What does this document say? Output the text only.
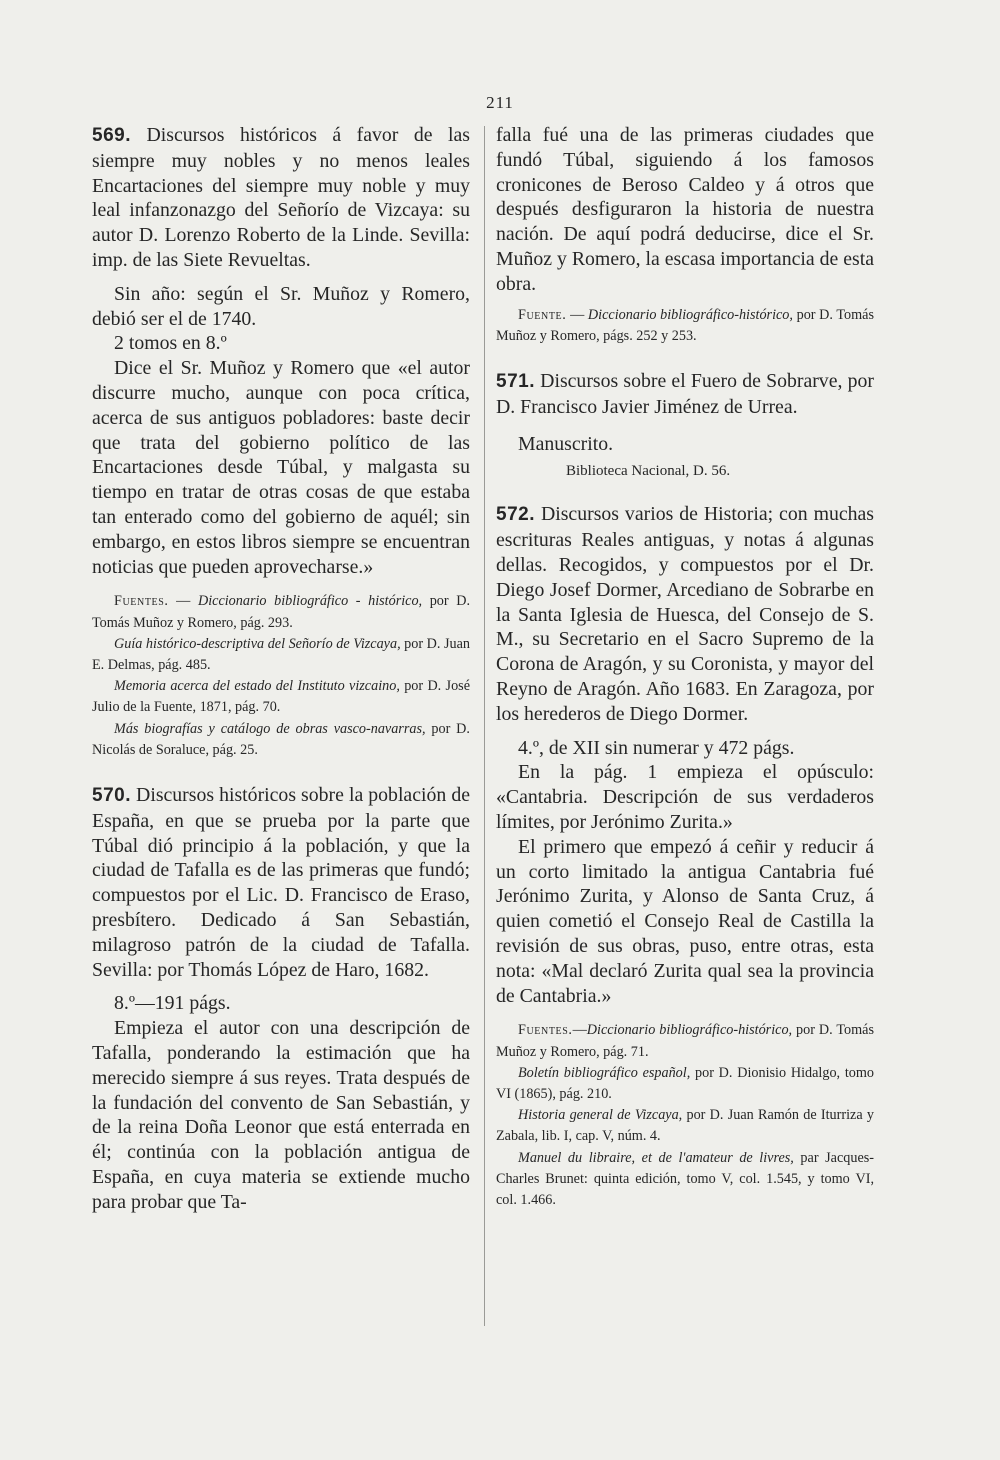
211

569. Discursos históricos á favor de las siempre muy nobles y no menos leales Encartaciones del siempre muy noble y muy leal infanzonazgo del Señorío de Vizcaya: su autor D. Lorenzo Roberto de la Linde. Sevilla: imp. de las Siete Revueltas.

Sin año: según el Sr. Muñoz y Romero, debió ser el de 1740.

2 tomos en 8.º

Dice el Sr. Muñoz y Romero que «el autor discurre mucho, aunque con poca crítica, acerca de sus antiguos pobladores: baste decir que trata del gobierno político de las Encartaciones desde Túbal, y malgasta su tiempo en tratar de otras cosas de que estaba tan enterado como del gobierno de aquél; sin embargo, en estos libros siempre se encuentran noticias que pueden aprovecharse.»

Fuentes. — Diccionario bibliográfico - histórico, por D. Tomás Muñoz y Romero, pág. 293.

Guía histórico-descriptiva del Señorío de Vizcaya, por D. Juan E. Delmas, pág. 485.

Memoria acerca del estado del Instituto vizcaino, por D. José Julio de la Fuente, 1871, pág. 70.

Más biografías y catálogo de obras vasco-navarras, por D. Nicolás de Soraluce, pág. 25.

570. Discursos históricos sobre la población de España, en que se prueba por la parte que Túbal dió principio á la población, y que la ciudad de Tafalla es de las primeras que fundó; compuestos por el Lic. D. Francisco de Eraso, presbítero. Dedicado á San Sebastián, milagroso patrón de la ciudad de Tafalla. Sevilla: por Thomás López de Haro, 1682.

8.º—191 págs.

Empieza el autor con una descripción de Tafalla, ponderando la estimación que ha merecido siempre á sus reyes. Trata después de la fundación del convento de San Sebastián, y de la reina Doña Leonor que está enterrada en él; continúa con la población antigua de España, en cuya materia se extiende mucho para probar que Ta-

falla fué una de las primeras ciudades que fundó Túbal, siguiendo á los famosos cronicones de Beroso Caldeo y á otros que después desfiguraron la historia de nuestra nación. De aquí podrá deducirse, dice el Sr. Muñoz y Romero, la escasa importancia de esta obra.

Fuente. — Diccionario bibliográfico-histórico, por D. Tomás Muñoz y Romero, págs. 252 y 253.

571. Discursos sobre el Fuero de Sobrarve, por D. Francisco Javier Jiménez de Urrea.

Manuscrito.

Biblioteca Nacional, D. 56.

572. Discursos varios de Historia; con muchas escrituras Reales antiguas, y notas á algunas dellas. Recogidos, y compuestos por el Dr. Diego Josef Dormer, Arcediano de Sobrarbe en la Santa Iglesia de Huesca, del Consejo de S. M., su Secretario en el Sacro Supremo de la Corona de Aragón, y su Coronista, y mayor del Reyno de Aragón. Año 1683. En Zaragoza, por los herederos de Diego Dormer.

4.º, de XII sin numerar y 472 págs.

En la pág. 1 empieza el opúsculo: «Cantabria. Descripción de sus verdaderos límites, por Jerónimo Zurita.»

El primero que empezó á ceñir y reducir á un corto limitado la antigua Cantabria fué Jerónimo Zurita, y Alonso de Santa Cruz, á quien cometió el Consejo Real de Castilla la revisión de sus obras, puso, entre otras, esta nota: «Mal declaró Zurita qual sea la provincia de Cantabria.»

Fuentes.—Diccionario bibliográfico-histórico, por D. Tomás Muñoz y Romero, pág. 71.

Boletín bibliográfico español, por D. Dionisio Hidalgo, tomo VI (1865), pág. 210.

Historia general de Vizcaya, por D. Juan Ramón de Iturriza y Zabala, lib. I, cap. V, núm. 4.

Manuel du libraire, et de l'amateur de livres, par Jacques-Charles Brunet: quinta edición, tomo V, col. 1.545, y tomo VI, col. 1.466.
